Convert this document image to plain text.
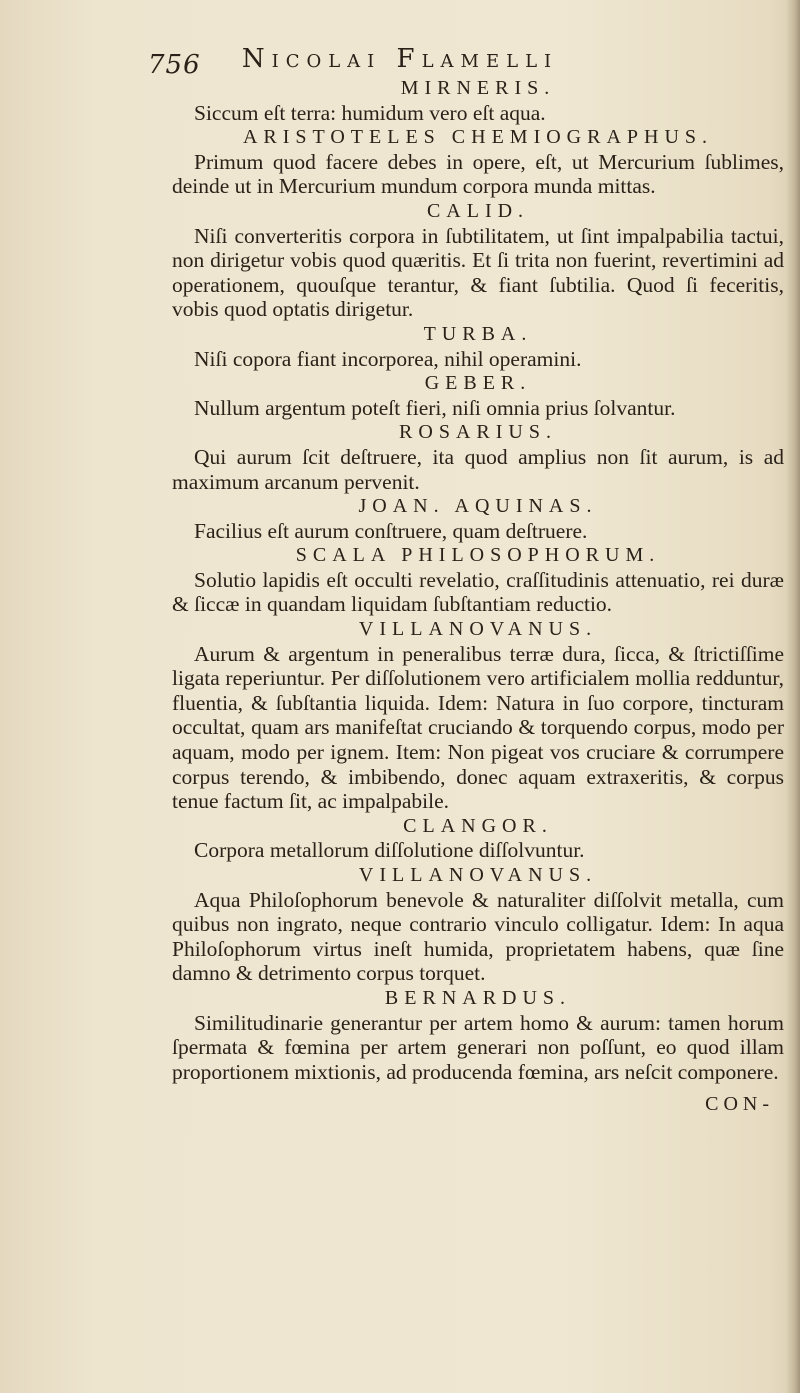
756	Nicolai Flamelli
MIRNERIS.

Siccum eſt terra: humidum vero eſt aqua.

ARISTOTELES CHEMIOGRAPHUS.

Primum quod facere debes in opere, eſt, ut Mercurium ſublimes, deinde ut in Mercurium mundum corpora munda mittas.

CALID.

Niſi converteritis corpora in ſubtilitatem, ut ſint impalpabilia tactui, non dirigetur vobis quod quæritis. Et ſi trita non fuerint, revertimini ad operationem, quouſque terantur, & fiant ſubtilia. Quod ſi feceritis, vobis quod optatis dirigetur.

TURBA.

Niſi copora fiant incorporea, nihil operamini.

GEBER.

Nullum argentum poteſt fieri, niſi omnia prius ſolvantur.

ROSARIUS.

Qui aurum ſcit deſtruere, ita quod amplius non ſit aurum, is ad maximum arcanum pervenit.

JOAN. AQUINAS.

Facilius eſt aurum conſtruere, quam deſtruere.

SCALA PHILOSOPHORUM.

Solutio lapidis eſt occulti revelatio, craſſitudinis attenuatio, rei duræ & ſiccæ in quandam liquidam ſubſtantiam reductio.

VILLANOVANUS.

Aurum & argentum in peneralibus terræ dura, ſicca, & ſtrictiſſime ligata reperiuntur. Per diſſolutionem vero artificialem mollia redduntur, fluentia, & ſubſtantia liquida. Idem: Natura in ſuo corpore, tincturam occultat, quam ars manifeſtat cruciando & torquendo corpus, modo per aquam, modo per ignem. Item: Non pigeat vos cruciare & corrumpere corpus terendo, & imbibendo, donec aquam extraxeritis, & corpus tenue factum ſit, ac impalpabile.

CLANGOR.

Corpora metallorum diſſolutione diſſolvuntur.

VILLANOVANUS.

Aqua Philoſophorum benevole & naturaliter diſſolvit metalla, cum quibus non ingrato, neque contrario vinculo colligatur. Idem: In aqua Philoſophorum virtus ineſt humida, proprietatem habens, quæ ſine damno & detrimento corpus torquet.

BERNARDUS.

Similitudinarie generantur per artem homo & aurum: tamen horum ſpermata & fœmina per artem generari non poſſunt, eo quod illam proportionem mixtionis, ad producenda fœmina, ars neſcit componere.

CON-
